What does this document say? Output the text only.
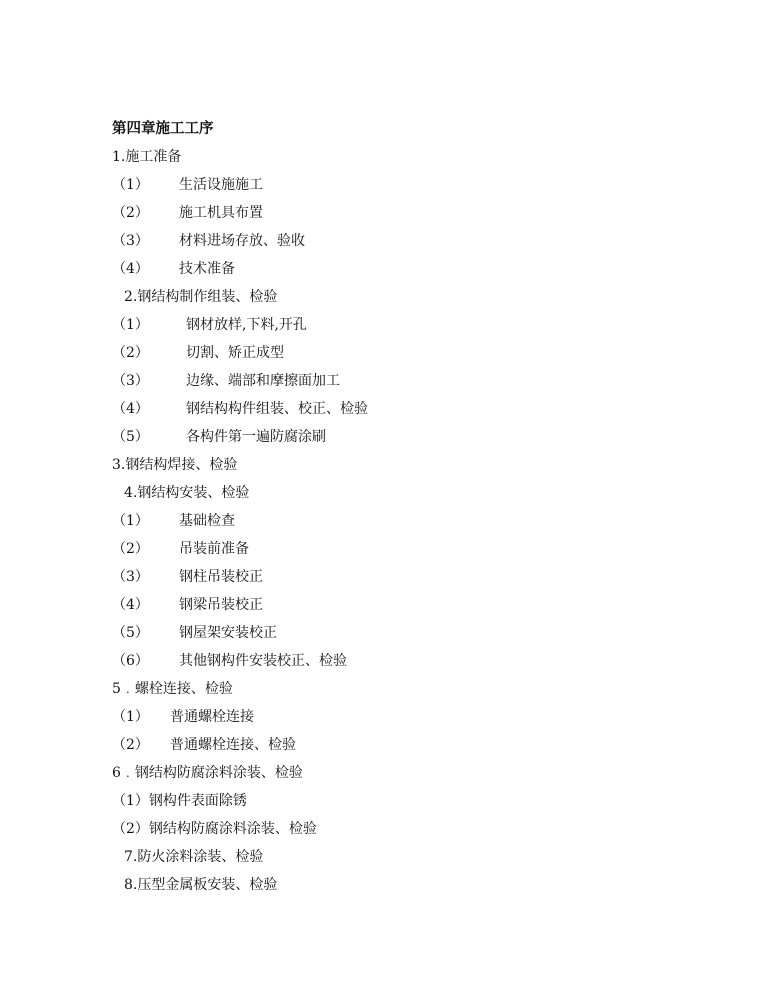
第四章施工工序
1.施工准备
（1） 生活设施施工
（2） 施工机具布置
（3） 材料进场存放、验收
（4） 技术准备
2.钢结构制作组装、检验
（1）	钢材放样,下料,开孔
（2）	切割、矫正成型
（3）	边缘、端部和摩擦面加工
（4）	钢结构构件组装、校正、检验
（5）	各构件第一遍防腐涂刷
3.钢结构焊接、检验
4.钢结构安装、检验
（1） 基础检查
（2） 吊装前准备
（3） 钢柱吊装校正
（4） 钢梁吊装校正
（5） 钢屋架安装校正
（6） 其他钢构件安装校正、检验
5﹒螺栓连接、检验
（1） 普通螺栓连接
（2） 普通螺栓连接、检验
6﹒钢结构防腐涂料涂装、检验
（1）钢构件表面除锈
（2）钢结构防腐涂料涂装、检验
7.防火涂料涂装、检验
8.压型金属板安装、检验
